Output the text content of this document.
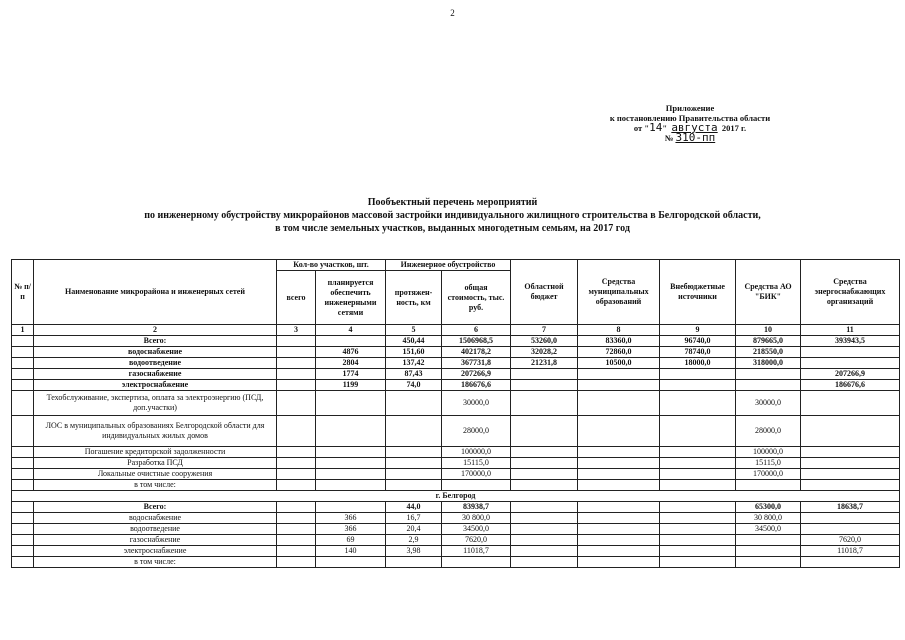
2
Приложение
к постановлению Правительства области
от "14" августа 2017 г.
№ 310-пп
Пообъектный перечень мероприятий
по инженерному обустройству микрорайонов массовой застройки индивидуального жилищного строительства в Белгородской области,
в том числе земельных участков, выданных многодетным семьям, на 2017 год
№ п/п	Наименование микрорайона и инженерных сетей	Кол-во участков, шт.		Инженерное обустройство		Областной бюджет	Средства муниципальных образований	Внебюджетные источники	Средства АО "БИК"	Средства энергоснабжающих организаций
		всего	планируется обеспечить инженерными сетями	протяжен-ность, км	общая стоимость, тыс. руб.					
1	2	3	4	5	6	7	8	9	10	11
	Всего:			450,44	1506968,5	53260,0	83360,0	96740,0	879665,0	393943,5
	водоснабжение		4876	151,60	402178,2	32028,2	72860,0	78740,0	218550,0	
	водоотведение		2804	137,42	367731,8	21231,8	10500,0	18000,0	318000,0	
	газоснабжение		1774	87,43	207266,9					207266,9
	электроснабжение		1199	74,0	186676,6					186676,6
	Техобслуживание, экспертиза, оплата за электроэнергию (ПСД, доп.участки)				30000,0				30000,0	
	ЛОС в муниципальных образованиях Белгородской области для индивидуальных жилых домов				28000,0				28000,0	
	Погашение кредиторской задолженности				100000,0				100000,0	
	Разработка ПСД				15115,0				15115,0	
	Локальные очистные сооружения				170000,0				170000,0	
	в том числе:									
г. Белгород										
	Всего:			44,0	83938,7				65300,0	18638,7
	водоснабжение		366	16,7	30 800,0				30 800,0	
	водоотведение		366	20,4	34500,0				34500,0	
	газоснабжение		69	2,9	7620,0					7620,0
	электроснабжение		140	3,98	11018,7					11018,7
	в том числе:									
